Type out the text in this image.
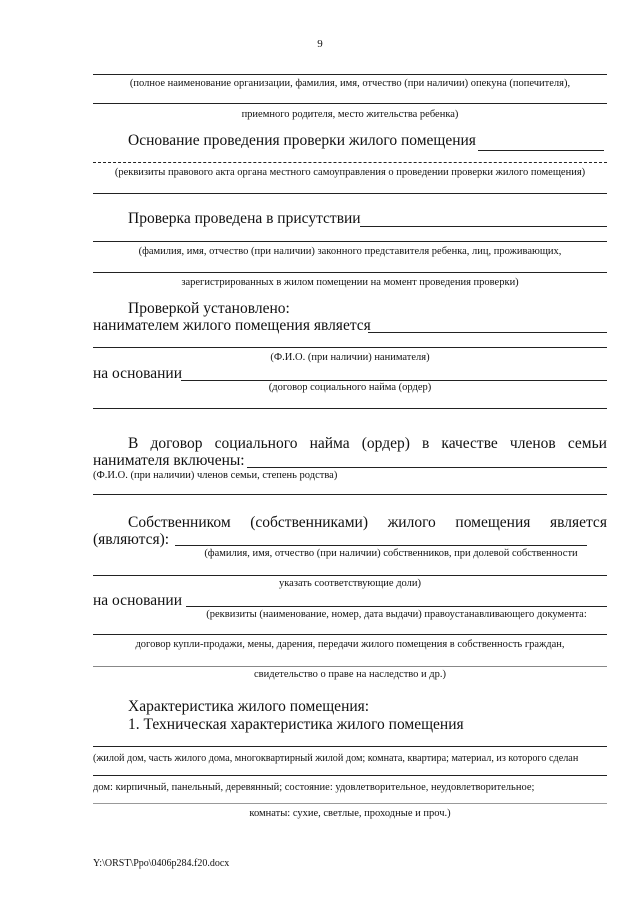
9
(полное наименование организации, фамилия, имя, отчество (при наличии) опекуна (попечителя),
приемного родителя, место жительства ребенка)
Основание проведения проверки жилого помещения
(реквизиты правового акта органа местного самоуправления о проведении проверки жилого помещения)
Проверка проведена в присутствии
(фамилия, имя, отчество (при наличии) законного представителя ребенка, лиц, проживающих,
зарегистрированных в жилом помещении на момент проведения проверки)
Проверкой установлено:
нанимателем жилого помещения является
(Ф.И.О. (при наличии) нанимателя)
на основании
(договор социального найма (ордер)
В договор социального найма (ордер) в качестве членов семьи
нанимателя включены:
(Ф.И.О. (при наличии) членов семьи, степень родства)
Собственником (собственниками) жилого помещения является
(являются):
(фамилия, имя, отчество (при наличии) собственников, при долевой собственности
указать соответствующие доли)
на основании
(реквизиты (наименование, номер, дата выдачи) правоустанавливающего документа:
договор купли-продажи, мены, дарения, передачи жилого помещения в собственность граждан,
свидетельство о праве на наследство и др.)
Характеристика жилого помещения:
1. Техническая характеристика жилого помещения
(жилой дом, часть жилого дома, многоквартирный жилой дом; комната, квартира; материал, из которого сделан
дом: кирпичный, панельный, деревянный; состояние: удовлетворительное, неудовлетворительное;
комнаты: сухие, светлые, проходные и проч.)
Y:\ORST\Ppo\0406p284.f20.docx
